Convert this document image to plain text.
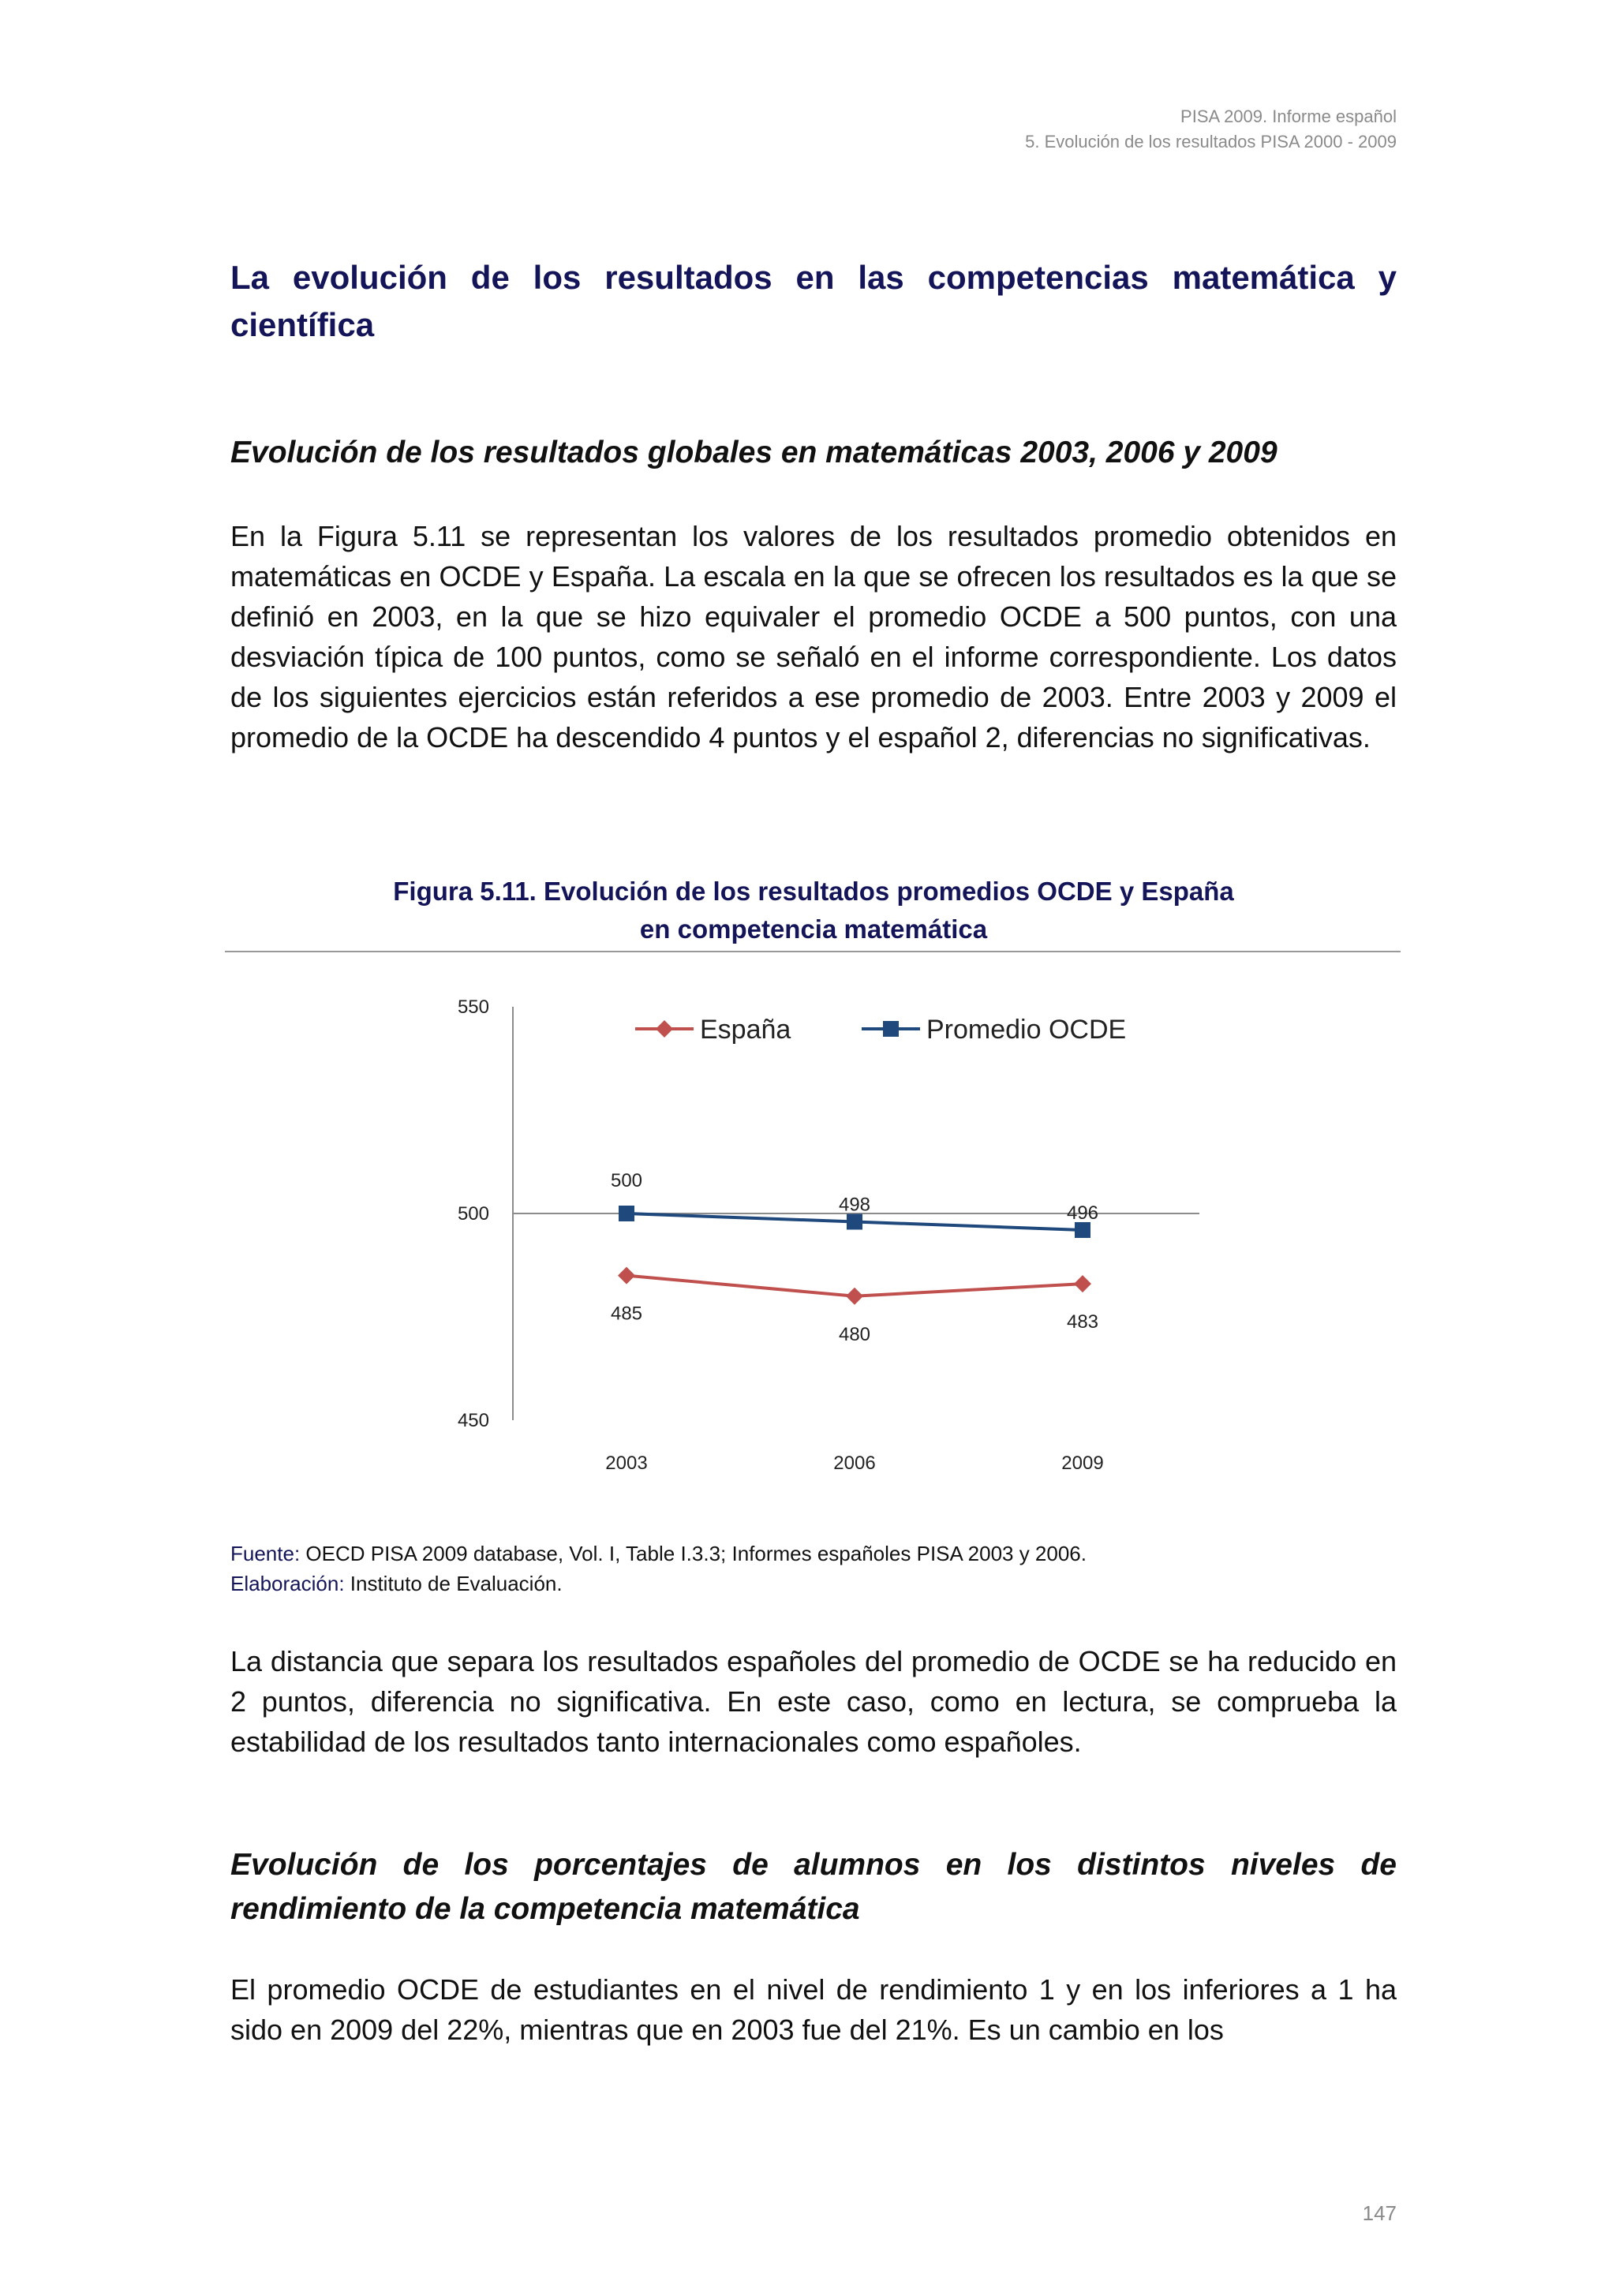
PISA 2009. Informe español
5. Evolución de los resultados PISA 2000 - 2009
La evolución de los resultados en las competencias matemática y científica
Evolución de los resultados globales en matemáticas 2003, 2006 y 2009

En la Figura 5.11 se representan los valores de los resultados promedio obtenidos en matemáticas en OCDE y España. La escala en la que se ofrecen los resultados es la que se definió en 2003, en la que se hizo equivaler el promedio OCDE a 500 puntos, con una desviación típica de 100 puntos, como se señaló en el informe correspondiente. Los datos de los siguientes ejercicios están referidos a ese promedio de 2003. Entre 2003 y 2009 el promedio de la OCDE ha descendido 4 puntos y el español 2, diferencias no significativas.

Figura 5.11. Evolución de los resultados promedios OCDE y España
en competencia matemática
450
500
550
2003	2006	2009
485
480
483
500
498	496
España	Promedio OCDE
Fuente: OECD PISA 2009 database, Vol. I, Table I.3.3; Informes españoles PISA 2003 y 2006.
Elaboración: Instituto de Evaluación.

La distancia que separa los resultados españoles del promedio de OCDE se ha reducido en 2 puntos, diferencia no significativa. En este caso, como en lectura, se comprueba la estabilidad de los resultados tanto internacionales como españoles.

Evolución de los porcentajes de alumnos en los distintos niveles de rendimiento de la competencia matemática

El promedio OCDE de estudiantes en el nivel de rendimiento 1 y en los inferiores a 1 ha sido en 2009 del 22%, mientras que en 2003 fue del 21%. Es un cambio en los

147
